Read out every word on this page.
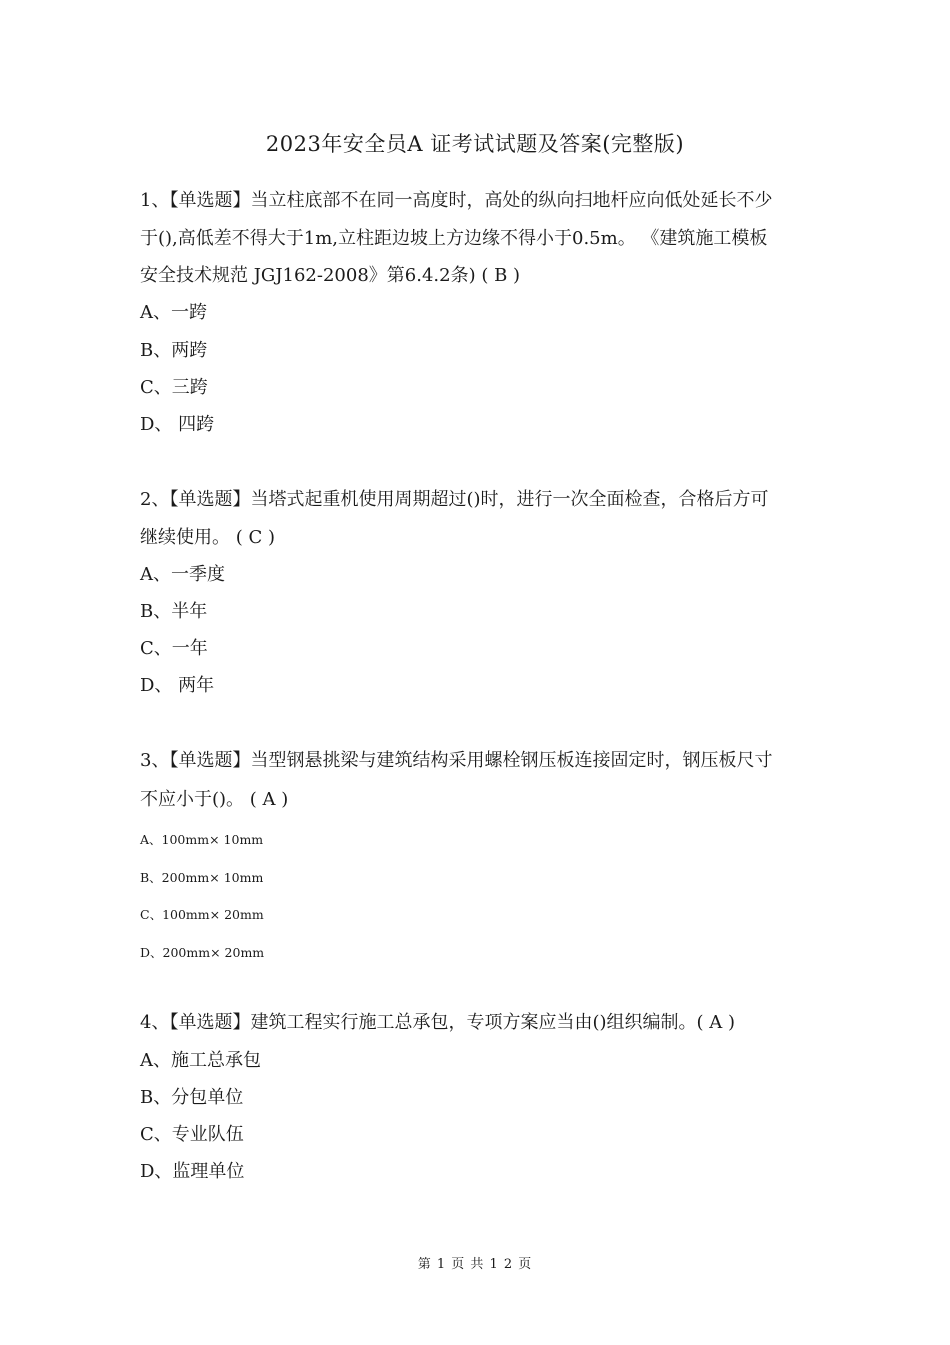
2023年安全员A 证考试试题及答案(完整版)
1、【单选题】当立柱底部不在同一高度时，高处的纵向扫地杆应向低处延长不少
于(),高低差不得大于1m,立柱距边坡上方边缘不得小于0.5m。 《建筑施工模板
安全技术规范 JGJ162-2008》第6.4.2条) ( B )
A、一跨
B、两跨
C、三跨
D、 四跨
2、【单选题】当塔式起重机使用周期超过()时，进行一次全面检查，合格后方可
继续使用。 ( C )
A、一季度
B、半年
C、一年
D、 两年
3、【单选题】当型钢悬挑梁与建筑结构采用螺栓钢压板连接固定时，钢压板尺寸
不应小于()。 ( A )
A、100mm× 10mm
B、200mm× 10mm
C、100mm× 20mm
D、200mm× 20mm
4、【单选题】建筑工程实行施工总承包，专项方案应当由()组织编制。( A )
A、施工总承包
B、分包单位
C、专业队伍
D、监理单位
第 1 页 共 1 2 页
